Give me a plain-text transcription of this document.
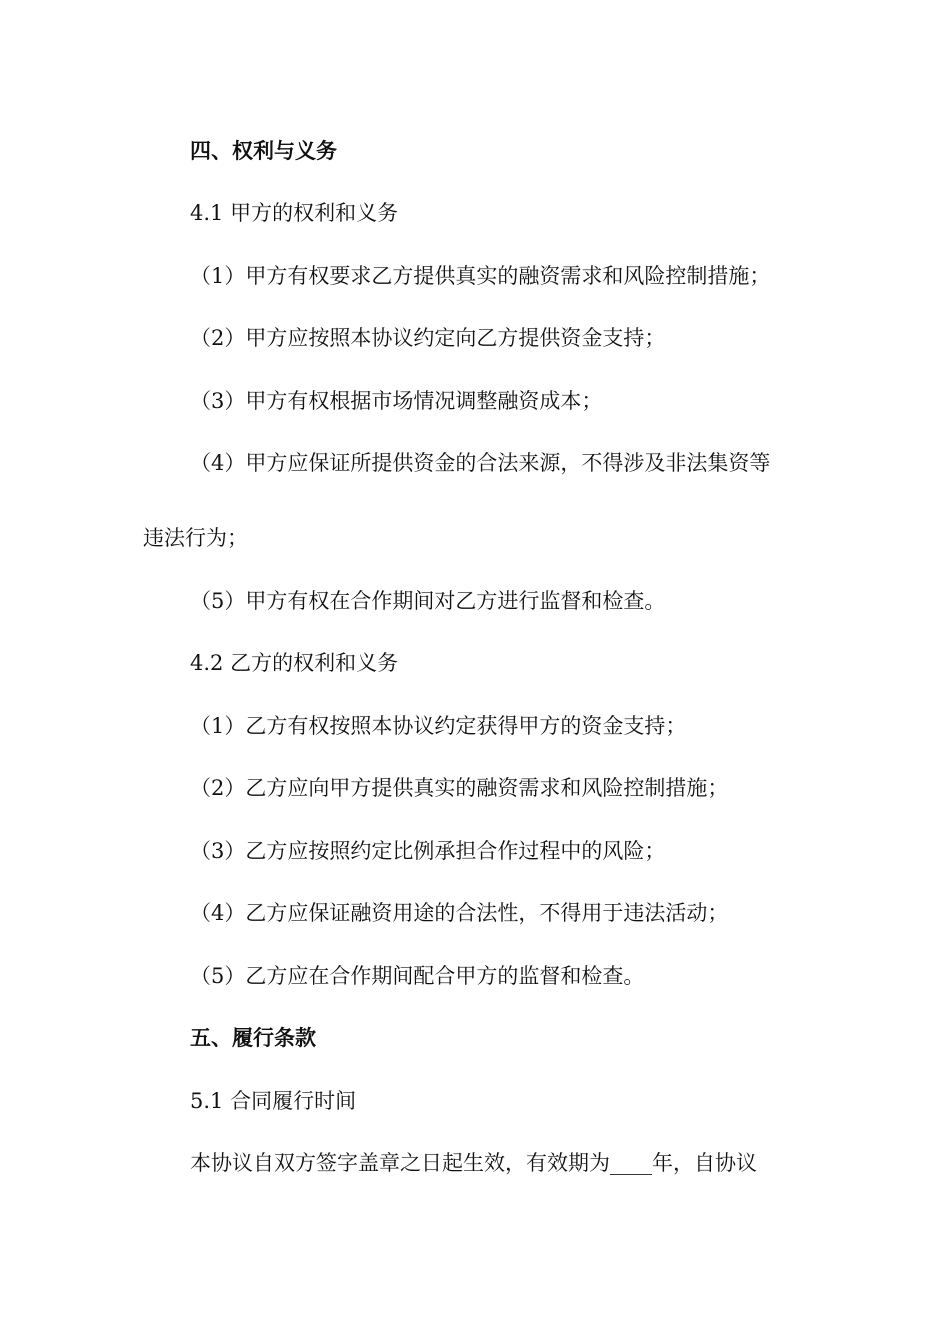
四、权利与义务
4.1 甲方的权利和义务
（1）甲方有权要求乙方提供真实的融资需求和风险控制措施；
（2）甲方应按照本协议约定向乙方提供资金支持；
（3）甲方有权根据市场情况调整融资成本；
（4）甲方应保证所提供资金的合法来源，不得涉及非法集资等
违法行为；
（5）甲方有权在合作期间对乙方进行监督和检查。
4.2 乙方的权利和义务
（1）乙方有权按照本协议约定获得甲方的资金支持；
（2）乙方应向甲方提供真实的融资需求和风险控制措施；
（3）乙方应按照约定比例承担合作过程中的风险；
（4）乙方应保证融资用途的合法性，不得用于违法活动；
（5）乙方应在合作期间配合甲方的监督和检查。
五、履行条款
5.1 合同履行时间
本协议自双方签字盖章之日起生效，有效期为____年，自协议
